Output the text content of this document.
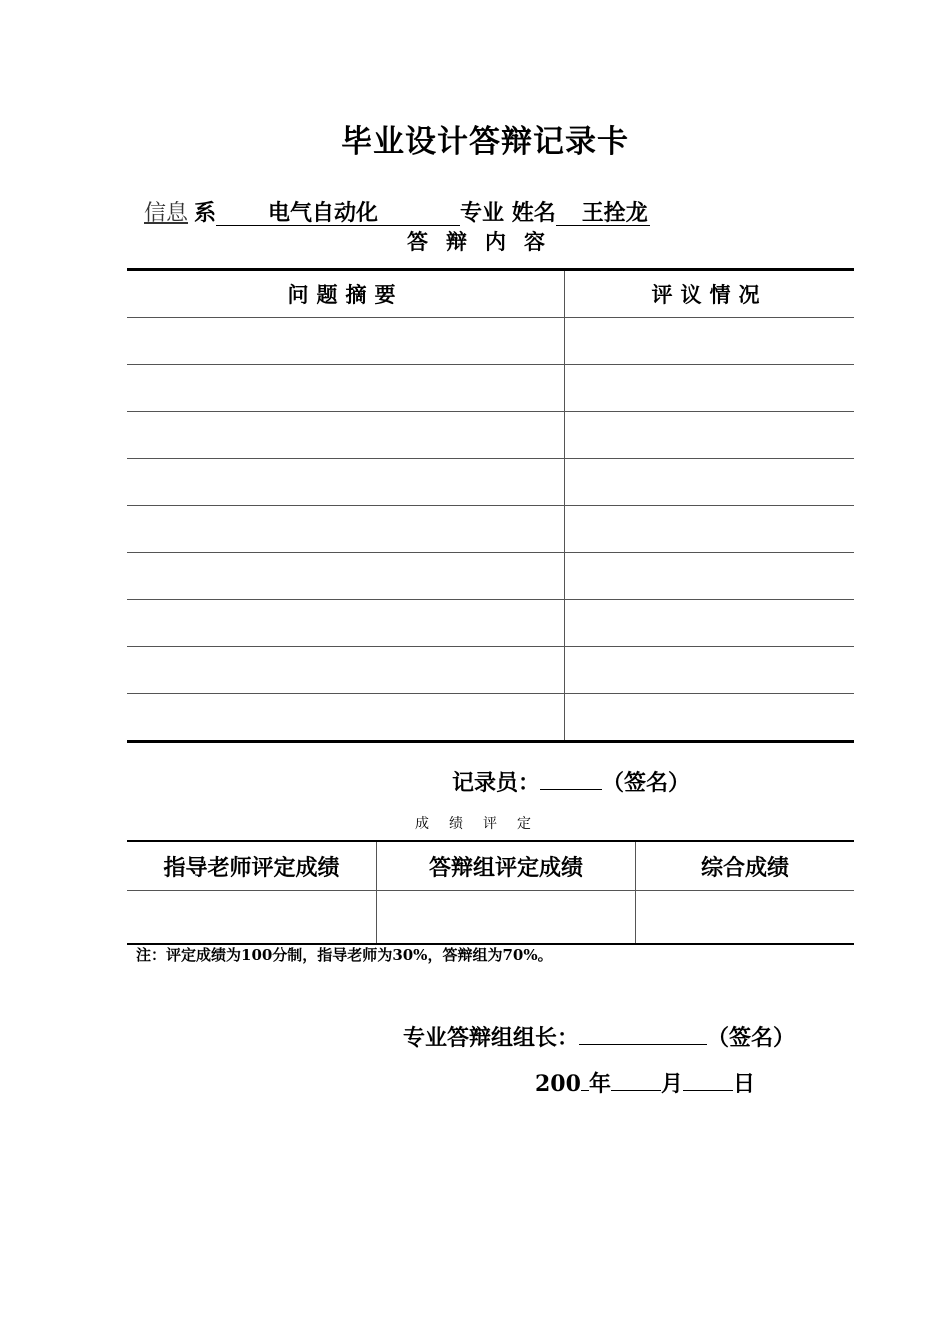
毕业设计答辩记录卡
信息 系 电气自动化	专业 姓名 王拴龙
答辩内容
问题摘要	评议情况

记录员：	（签名）
成绩评定
指导老师评定成绩	答辩组评定成绩	综合成绩

注：评定成绩为100分制，指导老师为30%，答辩组为70%。
专业答辩组组长：	（签名）
200 年 月 日
